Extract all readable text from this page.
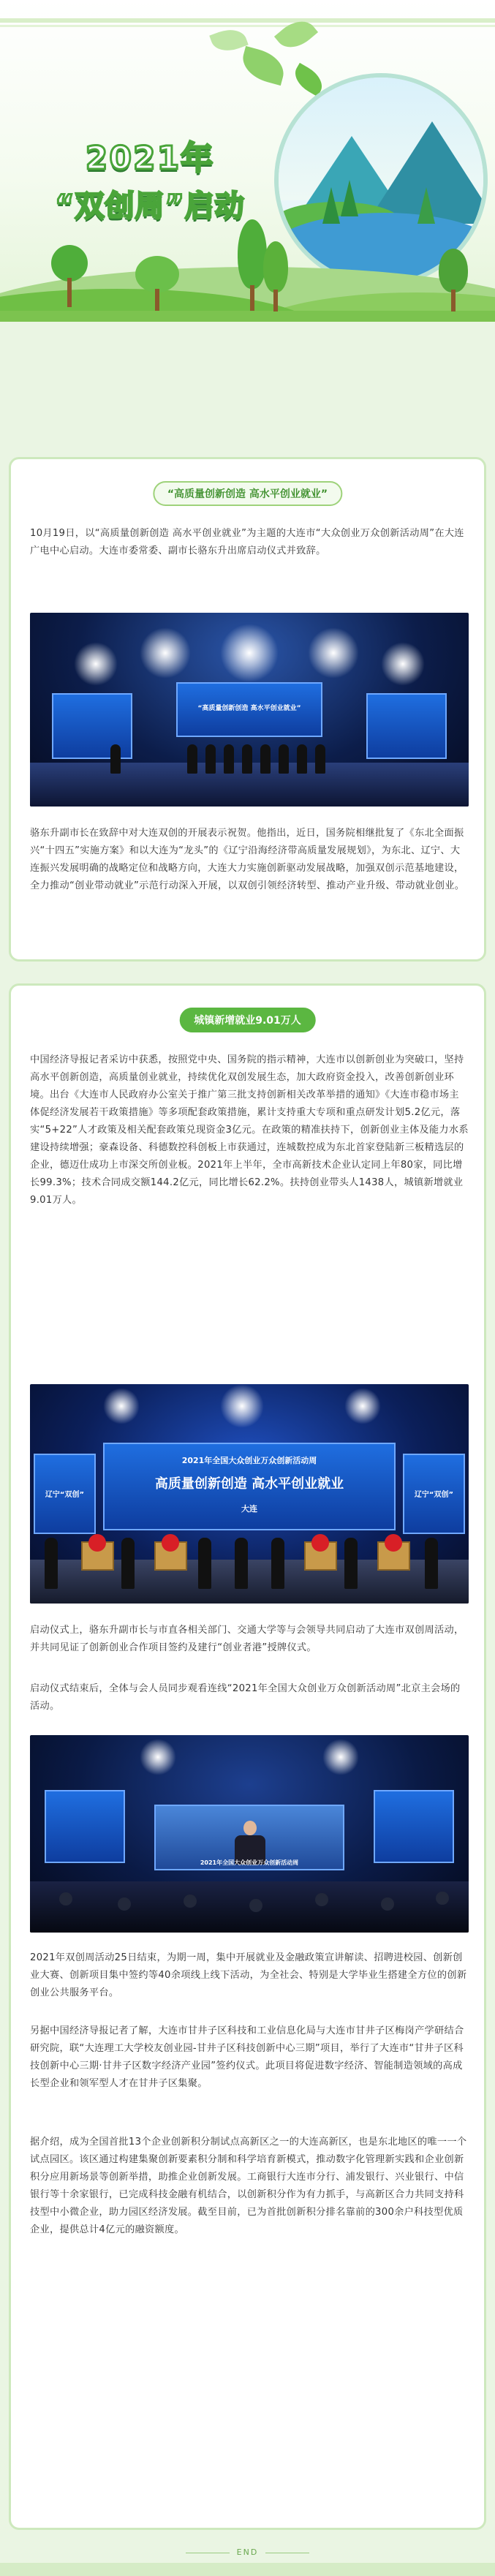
2021年
“双创周”启动
“高质量创新创造 高水平创业就业”

10月19日，以“高质量创新创造 高水平创业就业”为主题的大连市“大众创业万众创新活动周”在大连广电中心启动。大连市委常委、副市长骆东升出席启动仪式并致辞。

“高质量创新创造 高水平创业就业”

骆东升副市长在致辞中对大连双创的开展表示祝贺。他指出，近日，国务院相继批复了《东北全面振兴“十四五”实施方案》和以大连为“龙头”的《辽宁沿海经济带高质量发展规划》，为东北、辽宁、大连振兴发展明确的战略定位和战略方向，大连大力实施创新驱动发展战略，加强双创示范基地建设，全力推动“创业带动就业”示范行动深入开展，以双创引领经济转型、推动产业升级、带动就业创业。

城镇新增就业9.01万人

中国经济导报记者采访中获悉，按照党中央、国务院的指示精神，大连市以创新创业为突破口，坚持高水平创新创造，高质量创业就业，持续优化双创发展生态，加大政府资金投入，改善创新创业环境。出台《大连市人民政府办公室关于推广第三批支持创新相关改革举措的通知》《大连市稳市场主体促经济发展若干政策措施》等多项配套政策措施，累计支持重大专项和重点研发计划5.2亿元，落实“5+22”人才政策及相关配套政策兑现资金3亿元。在政策的精准扶持下，创新创业主体及能力水系建设持续增强；豪森设备、科德数控科创板上市获通过，连城数控成为东北首家登陆新三板精选层的企业，德迈仕成功上市深交所创业板。2021年上半年，全市高新技术企业认定同上年80家，同比增长99.3%；技术合同成交额144.2亿元，同比增长62.2%。扶持创业带头人1438人，城镇新增就业9.01万人。

2021年全国大众创业万众创新活动周
高质量创新创造 高水平创业就业
大连
辽宁“双创”	辽宁“双创”

启动仪式上，骆东升副市长与市直各相关部门、交通大学等与会领导共同启动了大连市双创周活动，并共同见证了创新创业合作项目签约及建行“创业者港”授牌仪式。

启动仪式结束后，全体与会人员同步观看连线“2021年全国大众创业万众创新活动周”北京主会场的活动。

2021年全国大众创业万众创新活动周

2021年双创周活动25日结束，为期一周，集中开展就业及金融政策宣讲解读、招聘进校园、创新创业大赛、创新项目集中签约等40余项线上线下活动，为全社会、特别是大学毕业生搭建全方位的创新创业公共服务平台。

另据中国经济导报记者了解，大连市甘井子区科技和工业信息化局与大连市甘井子区梅岗产学研结合研究院，联“大连理工大学校友创业园-甘井子区科技创新中心三期”项目，举行了大连市“甘井子区科技创新中心三期·甘井子区数字经济产业园”签约仪式。此项目将促进数字经济、智能制造领域的高成长型企业和领军型人才在甘井子区集聚。

据介绍，成为全国首批13个企业创新积分制试点高新区之一的大连高新区，也是东北地区的唯一一个试点园区。该区通过构建集聚创新要素积分制和科学培育新模式，推动数字化管理新实践和企业创新积分应用新场景等创新举措，助推企业创新发展。工商银行大连市分行、浦发银行、兴业银行、中信银行等十余家银行，已完成科技金融有机结合，以创新积分作为有力抓手，与高新区合力共同支持科技型中小微企业，助力园区经济发展。截至目前，已为首批创新积分排名靠前的300余户科技型优质企业，提供总计4亿元的融资额度。

END
